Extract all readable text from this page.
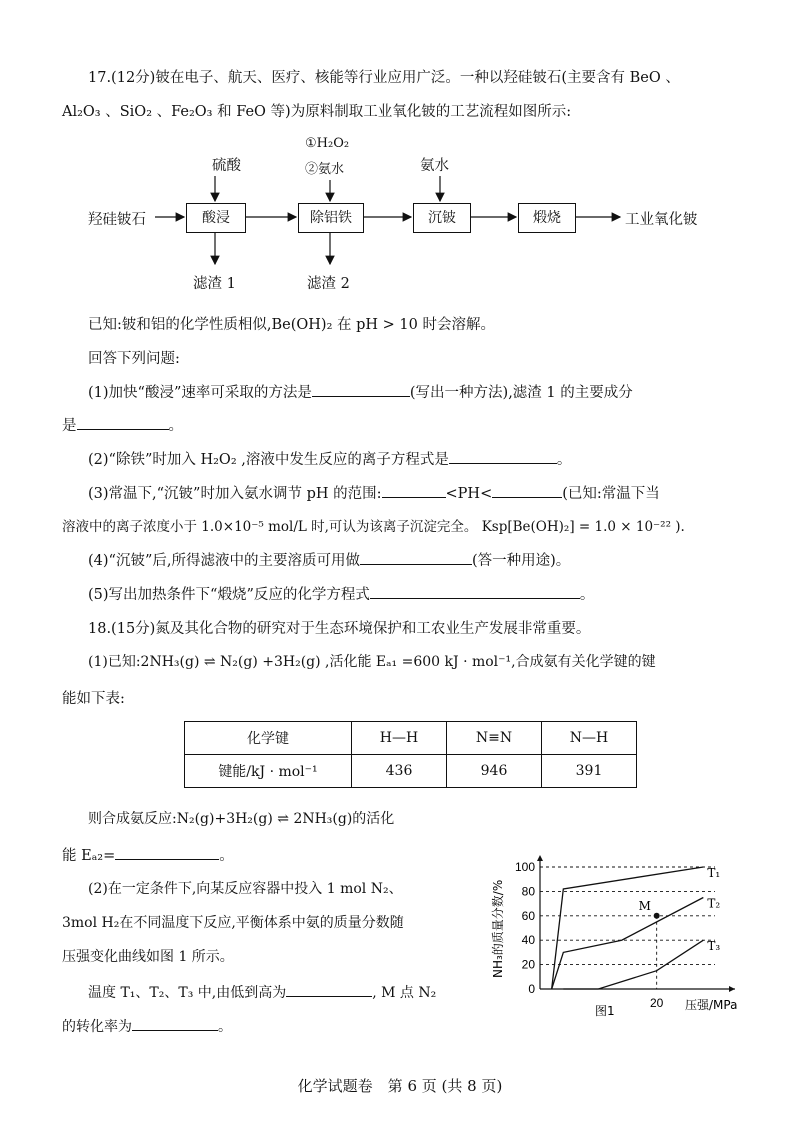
17.(12分)铍在电子、航天、医疗、核能等行业应用广泛。一种以羟硅铍石(主要含有 BeO 、
Al₂O₃ 、SiO₂ 、Fe₂O₃ 和 FeO 等)为原料制取工业氧化铍的工艺流程如图所示:
硫酸
①H₂O₂
②氨水	氨水
羟硅铍石	酸浸	除铝铁	沉铍	煅烧	工业氧化铍
滤渣 1	滤渣 2
已知:铍和铝的化学性质相似,Be(OH)₂ 在 pH > 10 时会溶解。
回答下列问题:
(1)加快“酸浸”速率可采取的方法是	(写出一种方法),滤渣 1 的主要成分
是	。
(2)“除铁”时加入 H₂O₂ ,溶液中发生反应的离子方程式是	。
(3)常温下,“沉铍”时加入氨水调节 pH 的范围:	<PH<	(已知:常温下当
溶液中的离子浓度小于 1.0×10⁻⁵ mol/L 时,可认为该离子沉淀完全。 Ksp[Be(OH)₂] = 1.0 × 10⁻²² ).
(4)“沉铍”后,所得滤液中的主要溶质可用做	(答一种用途)。
(5)写出加热条件下“煅烧”反应的化学方程式	。
18.(15分)氮及其化合物的研究对于生态环境保护和工农业生产发展非常重要。
(1)已知:2NH₃(g) ⇌ N₂(g) +3H₂(g) ,活化能 Eₐ₁ =600 kJ · mol⁻¹,合成氨有关化学键的键
能如下表:
化学键	H—H	N≡N	N—H
键能/kJ · mol⁻¹	436	946	391
则合成氨反应:N₂(g)+3H₂(g) ⇌ 2NH₃(g)的活化
能 Eₐ₂=	。
(2)在一定条件下,向某反应容器中投入 1 mol N₂、
3mol H₂在不同温度下反应,平衡体系中氨的质量分数随
压强变化曲线如图 1 所示。
温度 T₁、T₂、T₃ 中,由低到高为	, M 点 N₂
的转化率为	。
0
20
40
60
80
100
20
T₁
T₂
T₃
M
压强/MPa
NH₃的质量分数/%
图1
化学试题卷　第 6 页 (共 8 页)
